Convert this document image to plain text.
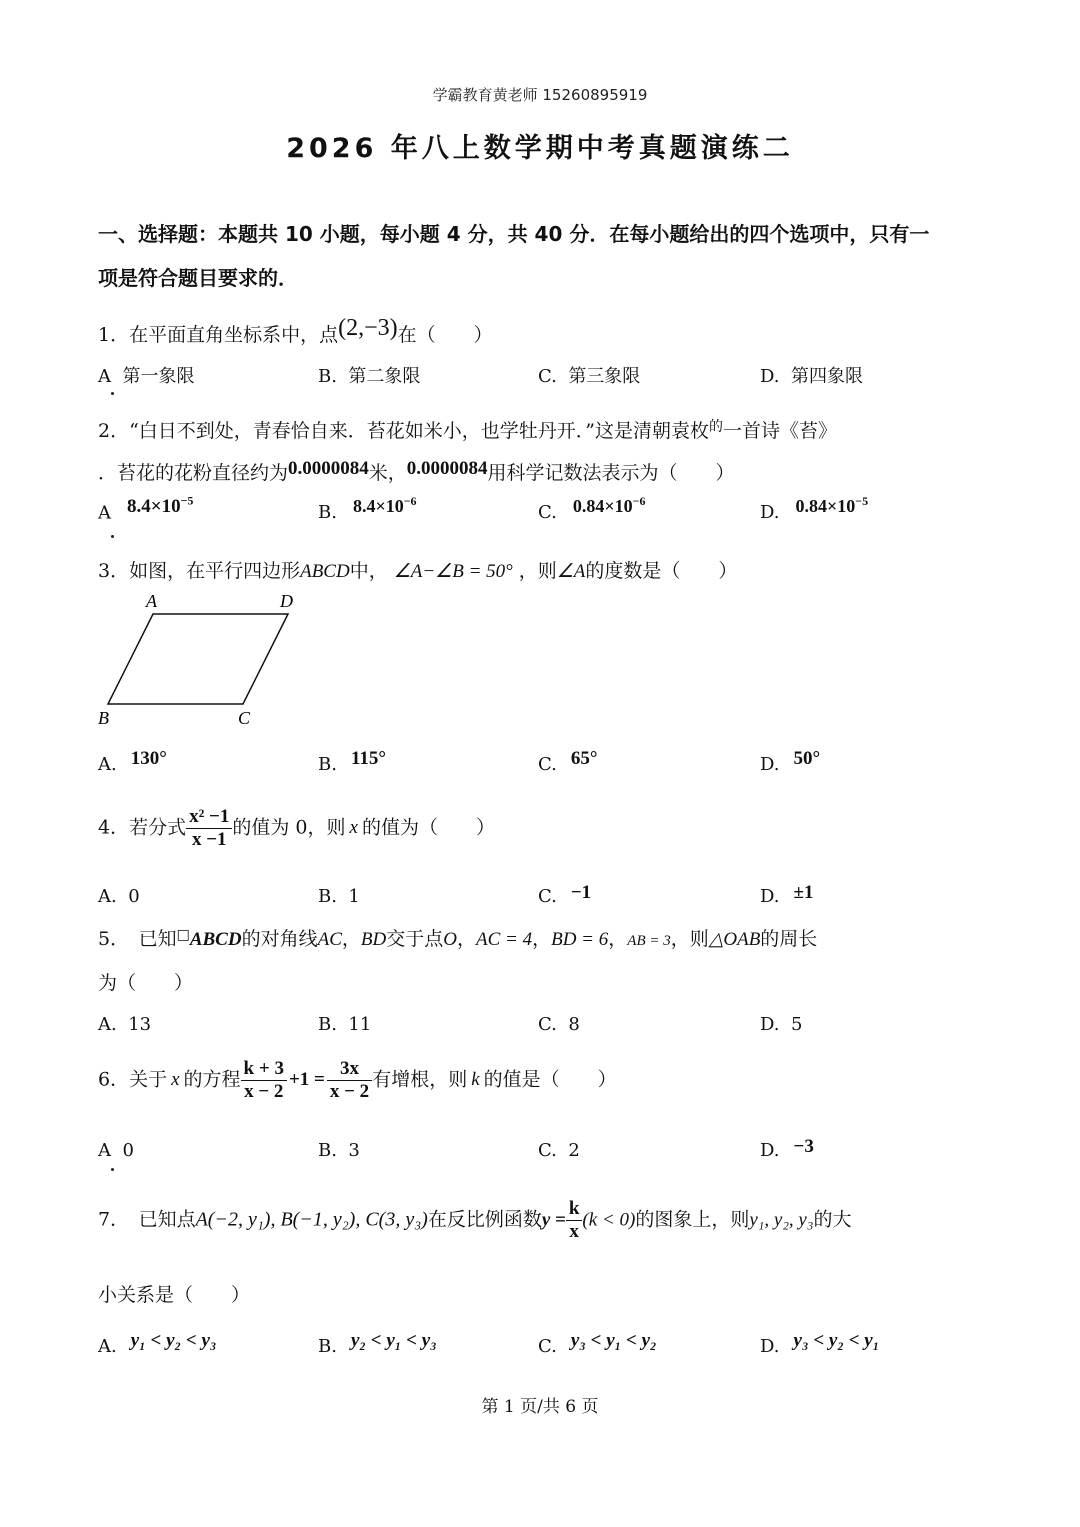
学霸教育黄老师 15260895919
2026 年八上数学期中考真题演练二
一、选择题：本题共 10 小题，每小题 4 分，共 40 分．在每小题给出的四个选项中，只有一
项是符合题目要求的．
1．在平面直角坐标系中，点(2,−3)在（　　）
A 第一象限	B. 第二象限	C. 第三象限	D. 第四象限
2．“白日不到处，青春恰自来．苔花如米小，也学牡丹开．”这是清朝袁枚$^的$一首诗《苔》
．苔花的花粉直径约为0.0000084米，0.0000084用科学记数法表示为（　　）
A $8.4\times 10^{-5}$
B. $8.4\times 10^{-6}$
C. $0.84\times 10^{-6}$
D. $0.84\times 10^{-5}$
3．如图，在平行四边形ABCD中， ∠A−∠B = 50° ，则∠A的度数是（　　）
A	D
B	C
A. 130°	B. 115°	C. 65°	D. 50°
4．若分式 $\frac{\text{x² −1}}{x -1}$ 的值为 0，则 x 的值为（　　）
A. 0	B. 1	C. −1	D. ±1
5．　已知□ABCD的对角线AC，BD交于点O，AC = 4，BD = 6，AB = 3，则△OAB的周长
为（　　）
A. 13	B. 11	C. 8	D. 5
6．关于 x 的方程 $\frac{k + 3}{x - 2} +1 = \frac{3x}{x - 2}$ 有增根，则 k 的值是（　　）
A 0	B. 3	C. 2	D. −3
7．　已知点A(−2, y₁), B(−1, y₂), C(3, y₃)在反比例函数$y = \frac{k}{x} (k < 0)$的图象上，则y₁, y₂, y₃的大
小关系是（　　）
A. y₁ < y₂ < y₃	B. y₂ < y₁ < y₃	C. y₃ < y₁ < y₂	D. y₃ < y₂ < y₁
第 1 页/共 6 页
